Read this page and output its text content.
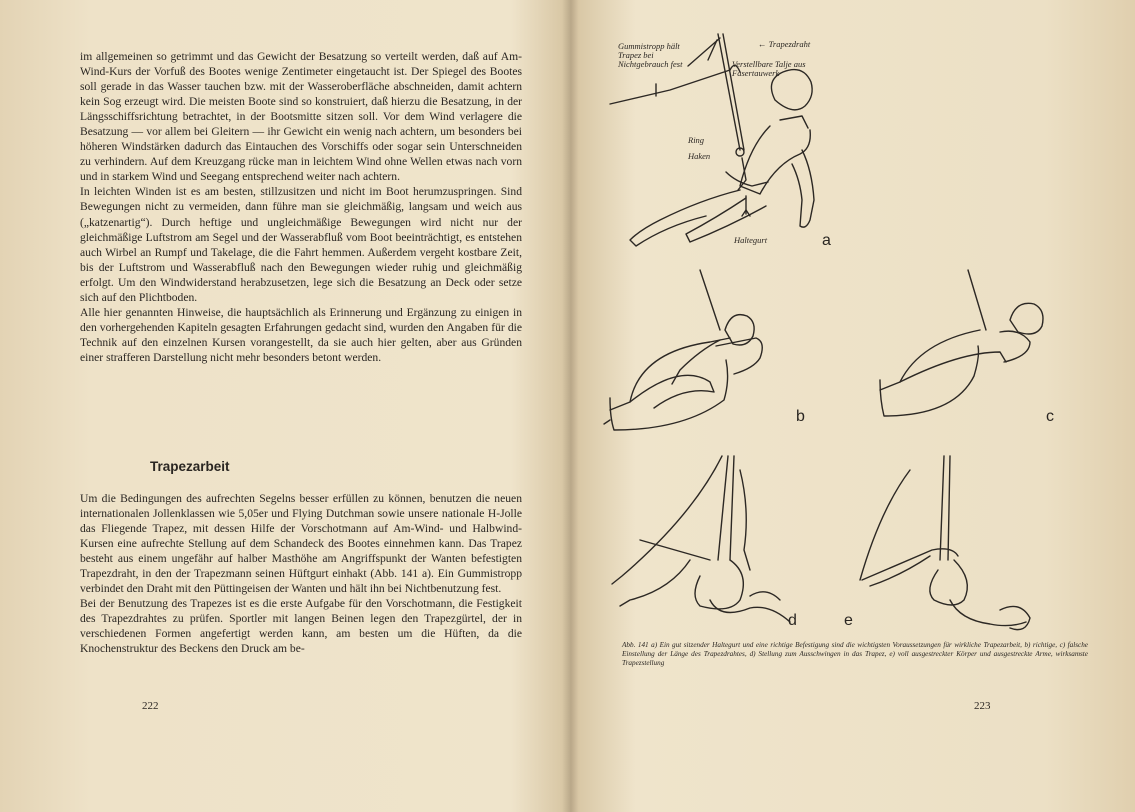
im allgemeinen so getrimmt und das Gewicht der Besatzung so verteilt werden, daß auf Am-Wind-Kurs der Vorfuß des Bootes wenige Zentimeter eingetaucht ist. Der Spiegel des Bootes soll gerade in das Wasser tauchen bzw. mit der Wasseroberfläche abschneiden, damit achtern kein Sog erzeugt wird. Die meisten Boote sind so konstruiert, daß hierzu die Besatzung, in der Längsschiffsrichtung betrachtet, in der Bootsmitte sitzen soll. Vor dem Wind verlagere die Besatzung — vor allem bei Gleitern — ihr Gewicht ein wenig nach achtern, um besonders bei höheren Windstärken dadurch das Eintauchen des Vorschiffs oder sogar sein Unterschneiden zu verhindern. Auf dem Kreuzgang rücke man in leichtem Wind ohne Wellen etwas nach vorn und in starkem Wind und Seegang entsprechend weiter nach achtern.

In leichten Winden ist es am besten, stillzusitzen und nicht im Boot herumzuspringen. Sind Bewegungen nicht zu vermeiden, dann führe man sie gleichmäßig, langsam und weich aus („katzenartig“). Durch heftige und ungleichmäßige Bewegungen wird nicht nur der gleichmäßige Luftstrom am Segel und der Wasserabfluß vom Boot beeinträchtigt, es entstehen auch Wirbel an Rumpf und Takelage, die die Fahrt hemmen. Außerdem vergeht kostbare Zeit, bis der Luftstrom und Wasserabfluß nach den Bewegungen wieder ruhig und gleichmäßig erfolgt. Um den Windwiderstand herabzusetzen, lege sich die Besatzung an Deck oder setze sich auf den Plichtboden.

Alle hier genannten Hinweise, die hauptsächlich als Erinnerung und Ergänzung zu einigen in den vorhergehenden Kapiteln gesagten Erfahrungen gedacht sind, wurden den Angaben für die Technik auf den einzelnen Kursen vorangestellt, da sie auch hier gelten, aber aus Gründen einer strafferen Darstellung nicht mehr besonders betont werden.

Trapezarbeit

Um die Bedingungen des aufrechten Segelns besser erfüllen zu können, benutzen die neuen internationalen Jollenklassen wie 5,05er und Flying Dutchman sowie unsere nationale H-Jolle das Fliegende Trapez, mit dessen Hilfe der Vorschotmann auf Am-Wind- und Halbwind-Kursen eine aufrechte Stellung auf dem Schandeck des Bootes einnehmen kann. Das Trapez besteht aus einem ungefähr auf halber Masthöhe am Angriffspunkt der Wanten befestigten Trapezdraht, in den der Trapezmann seinen Hüftgurt einhakt (Abb. 141 a). Ein Gummistropp verbindet den Draht mit den Püttingeisen der Wanten und hält ihn bei Nichtbenutzung fest.

Bei der Benutzung des Trapezes ist es die erste Aufgabe für den Vorschotmann, die Festigkeit des Trapezdrahtes zu prüfen. Sportler mit langen Beinen legen den Trapezgürtel, der in verschiedenen Formen angefertigt werden kann, am besten um die Hüften, da die Knochenstruktur des Beckens den Druck am be-

222
Gummistropp hält Trapez bei Nichtgebrauch fest
← Trapezdraht
Verstellbare Talje aus Fasertauwerk
Ring
Haken
Haltegurt	a
b	c
d	e
Abb. 141 a) Ein gut sitzender Haltegurt und eine richtige Befestigung sind die wichtigsten Voraussetzungen für wirkliche Trapezarbeit, b) richtige, c) falsche Einstellung der Länge des Trapezdrahtes, d) Stellung zum Ausschwingen in das Trapez, e) voll ausgestreckter Körper und ausgestreckte Arme, wirksamste Trapezstellung
223
